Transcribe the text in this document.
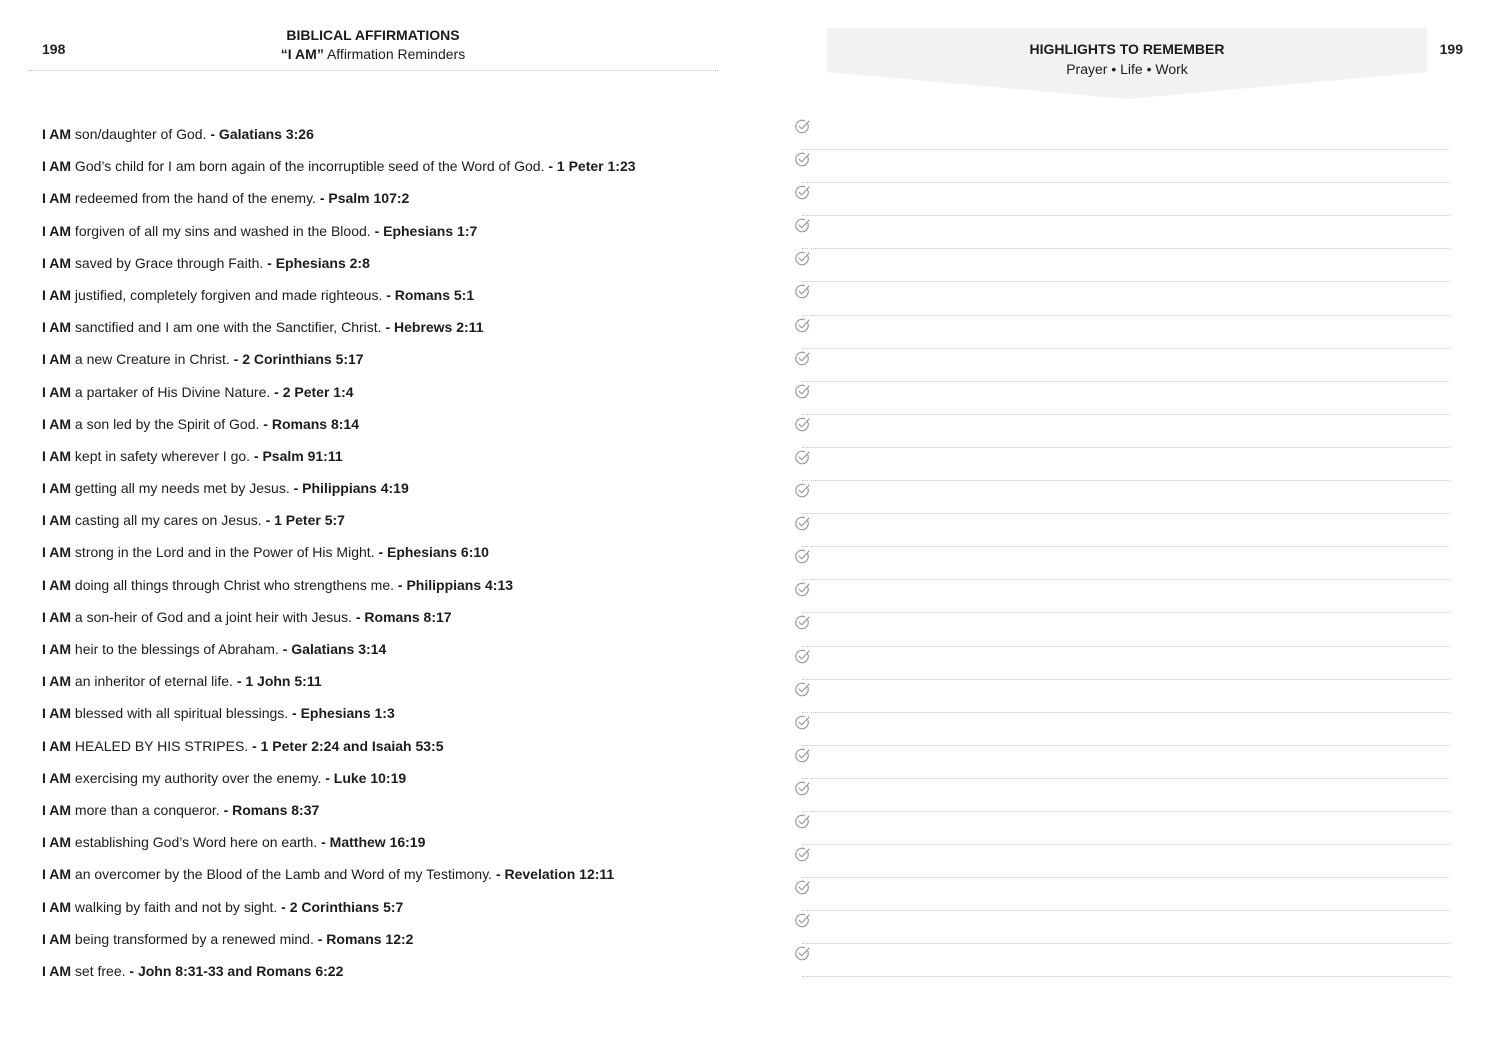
198
BIBLICAL AFFIRMATIONS
“I AM” Affirmation Reminders
I AM son/daughter of God. - Galatians 3:26
I AM God’s child for I am born again of the incorruptible seed of the Word of God. - 1 Peter 1:23
I AM redeemed from the hand of the enemy. - Psalm 107:2
I AM forgiven of all my sins and washed in the Blood. - Ephesians 1:7
I AM saved by Grace through Faith. - Ephesians 2:8
I AM justified, completely forgiven and made righteous. - Romans 5:1
I AM sanctified and I am one with the Sanctifier, Christ. - Hebrews 2:11
I AM a new Creature in Christ. - 2 Corinthians 5:17
I AM a partaker of His Divine Nature. - 2 Peter 1:4
I AM a son led by the Spirit of God. - Romans 8:14
I AM kept in safety wherever I go. - Psalm 91:11
I AM getting all my needs met by Jesus. - Philippians 4:19
I AM casting all my cares on Jesus. - 1 Peter 5:7
I AM strong in the Lord and in the Power of His Might. - Ephesians 6:10
I AM doing all things through Christ who strengthens me. - Philippians 4:13
I AM a son-heir of God and a joint heir with Jesus. - Romans 8:17
I AM heir to the blessings of Abraham. - Galatians 3:14
I AM an inheritor of eternal life. - 1 John 5:11
I AM blessed with all spiritual blessings. - Ephesians 1:3
I AM HEALED BY HIS STRIPES. - 1 Peter 2:24 and Isaiah 53:5
I AM exercising my authority over the enemy. - Luke 10:19
I AM more than a conqueror. - Romans 8:37
I AM establishing God’s Word here on earth. - Matthew 16:19
I AM an overcomer by the Blood of the Lamb and Word of my Testimony. - Revelation 12:11
I AM walking by faith and not by sight. - 2 Corinthians 5:7
I AM being transformed by a renewed mind. - Romans 12:2
I AM set free. - John 8:31-33 and Romans 6:22
HIGHLIGHTS TO REMEMBER
Prayer • Life • Work
199
